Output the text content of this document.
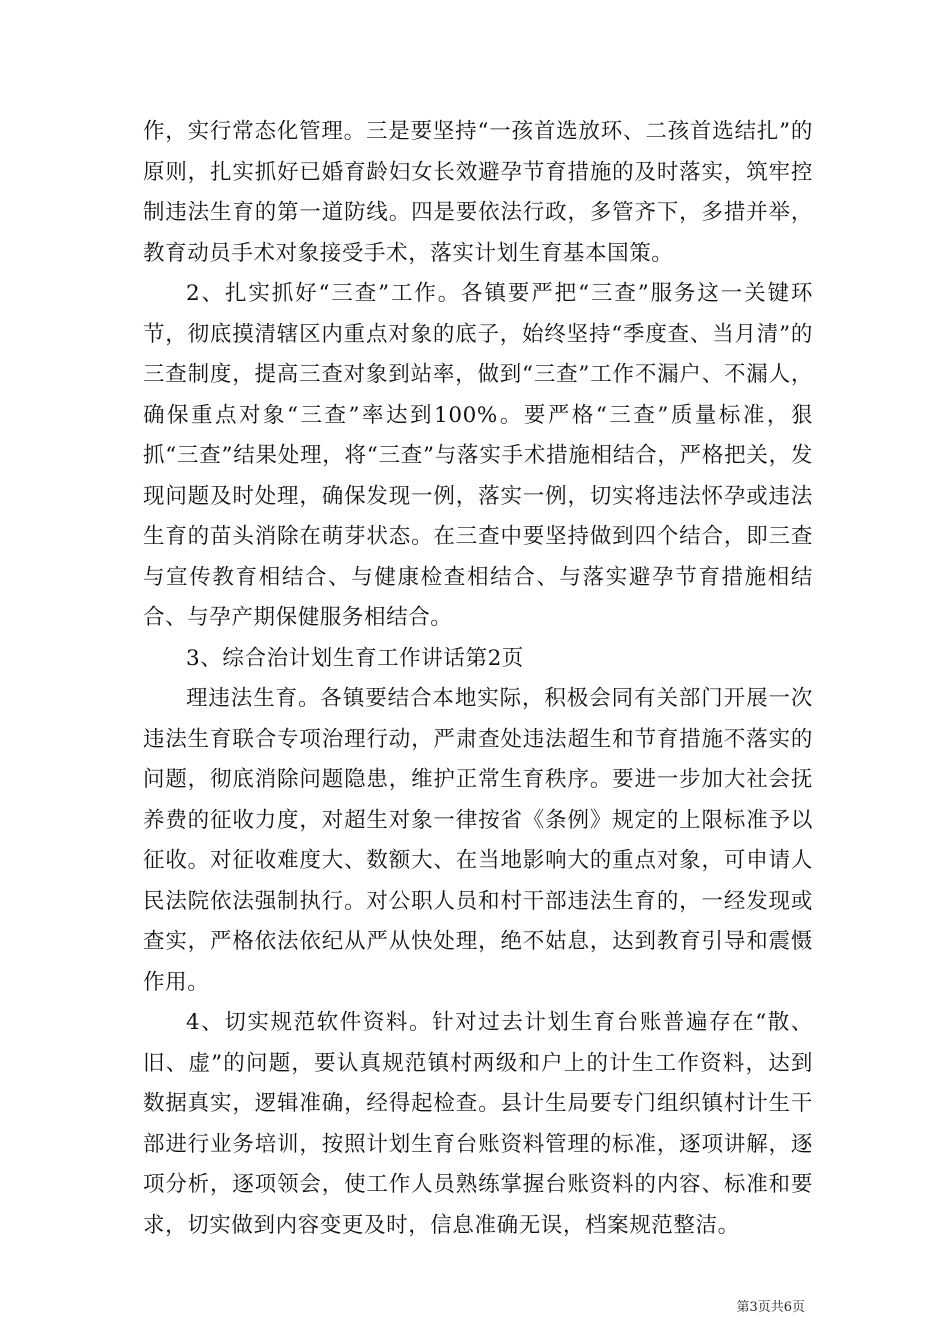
作，实行常态化管理。三是要坚持“一孩首选放环、二孩首选结扎”的原则，扎实抓好已婚育龄妇女长效避孕节育措施的及时落实，筑牢控制违法生育的第一道防线。四是要依法行政，多管齐下，多措并举，教育动员手术对象接受手术，落实计划生育基本国策。

2、扎实抓好“三查”工作。各镇要严把“三查”服务这一关键环节，彻底摸清辖区内重点对象的底子，始终坚持“季度查、当月清”的三查制度，提高三查对象到站率，做到“三查”工作不漏户、不漏人，确保重点对象“三查”率达到100%。要严格“三查”质量标准，狠抓“三查”结果处理，将“三查”与落实手术措施相结合，严格把关，发现问题及时处理，确保发现一例，落实一例，切实将违法怀孕或违法生育的苗头消除在萌芽状态。在三查中要坚持做到四个结合，即三查与宣传教育相结合、与健康检查相结合、与落实避孕节育措施相结合、与孕产期保健服务相结合。

3、综合治计划生育工作讲话第2页

理违法生育。各镇要结合本地实际，积极会同有关部门开展一次违法生育联合专项治理行动，严肃查处违法超生和节育措施不落实的问题，彻底消除问题隐患，维护正常生育秩序。要进一步加大社会抚养费的征收力度，对超生对象一律按省《条例》规定的上限标准予以征收。对征收难度大、数额大、在当地影响大的重点对象，可申请人民法院依法强制执行。对公职人员和村干部违法生育的，一经发现或查实，严格依法依纪从严从快处理，绝不姑息，达到教育引导和震慑作用。

4、切实规范软件资料。针对过去计划生育台账普遍存在“散、旧、虚”的问题，要认真规范镇村两级和户上的计生工作资料，达到数据真实，逻辑准确，经得起检查。县计生局要专门组织镇村计生干部进行业务培训，按照计划生育台账资料管理的标准，逐项讲解，逐项分析，逐项领会，使工作人员熟练掌握台账资料的内容、标准和要求，切实做到内容变更及时，信息准确无误，档案规范整洁。

第3页共6页
